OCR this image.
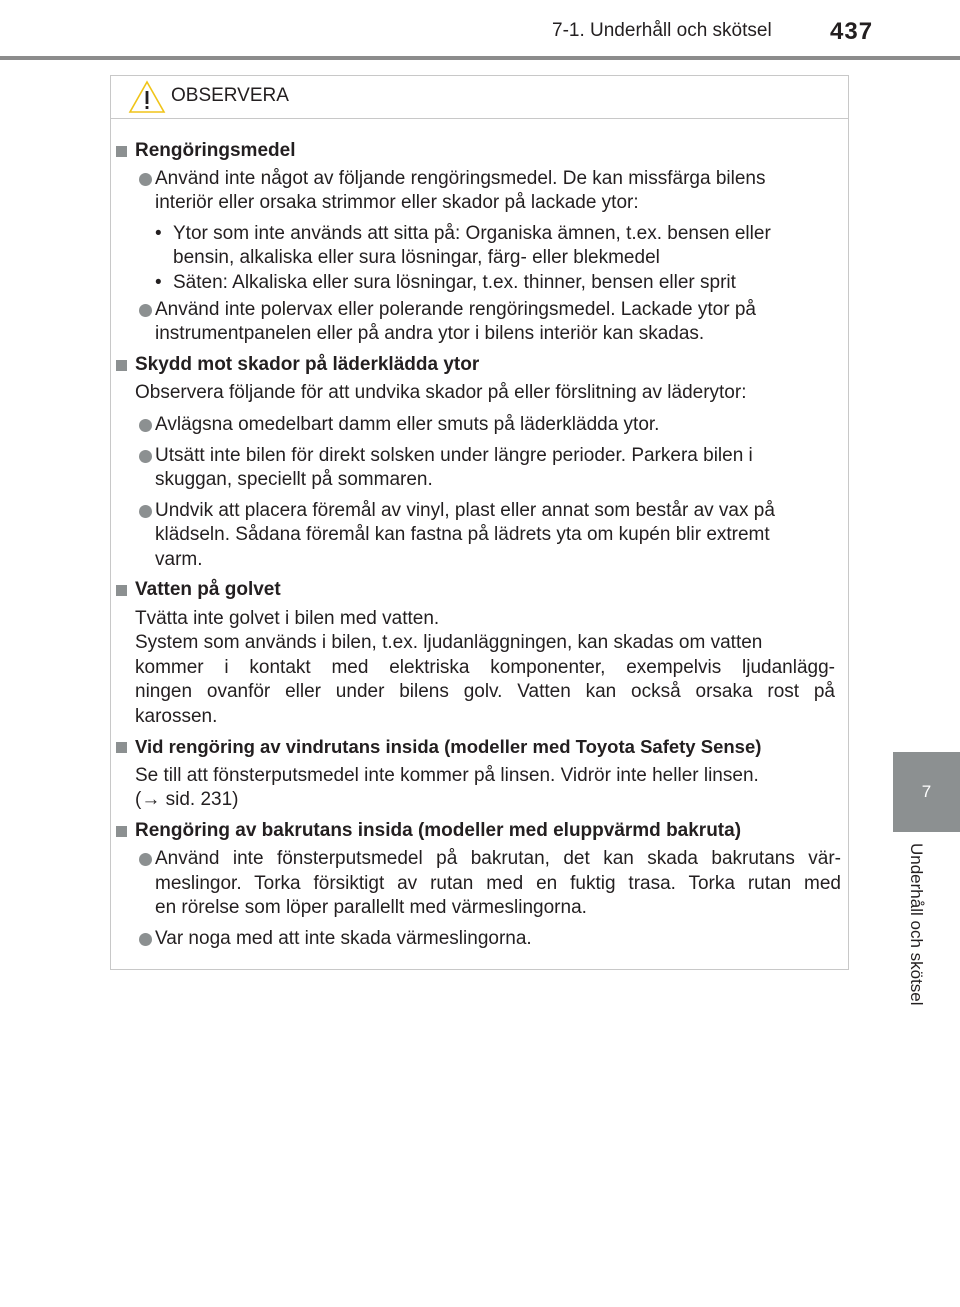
7-1. Underhåll och skötsel 437
7
Underhåll och skötsel
OBSERVERA
Rengöringsmedel
Använd inte något av följande rengöringsmedel. De kan missfärga bilens
interiör eller orsaka strimmor eller skador på lackade ytor:
• Ytor som inte används att sitta på: Organiska ämnen, t.ex. bensen eller
bensin, alkaliska eller sura lösningar, färg- eller blekmedel
• Säten: Alkaliska eller sura lösningar, t.ex. thinner, bensen eller sprit
Använd inte polervax eller polerande rengöringsmedel. Lackade ytor på
instrumentpanelen eller på andra ytor i bilens interiör kan skadas.
Skydd mot skador på läderklädda ytor
Observera följande för att undvika skador på eller förslitning av läderytor:
Avlägsna omedelbart damm eller smuts på läderklädda ytor.
Utsätt inte bilen för direkt solsken under längre perioder. Parkera bilen i
skuggan, speciellt på sommaren.
Undvik att placera föremål av vinyl, plast eller annat som består av vax på
klädseln. Sådana föremål kan fastna på lädrets yta om kupén blir extremt
varm.
Vatten på golvet
Tvätta inte golvet i bilen med vatten.
System som används i bilen, t.ex. ljudanläggningen, kan skadas om vatten
kommer i kontakt med elektriska komponenter, exempelvis ljudanlägg-
ningen ovanför eller under bilens golv. Vatten kan också orsaka rost på
karossen.
Vid rengöring av vindrutans insida (modeller med Toyota Safety Sense)
Se till att fönsterputsmedel inte kommer på linsen. Vidrör inte heller linsen.
(→ sid. 231)
Rengöring av bakrutans insida (modeller med eluppvärmd bakruta)
Använd inte fönsterputsmedel på bakrutan, det kan skada bakrutans vär-
meslingor. Torka försiktigt av rutan med en fuktig trasa. Torka rutan med
en rörelse som löper parallellt med värmeslingorna.
Var noga med att inte skada värmeslingorna.
